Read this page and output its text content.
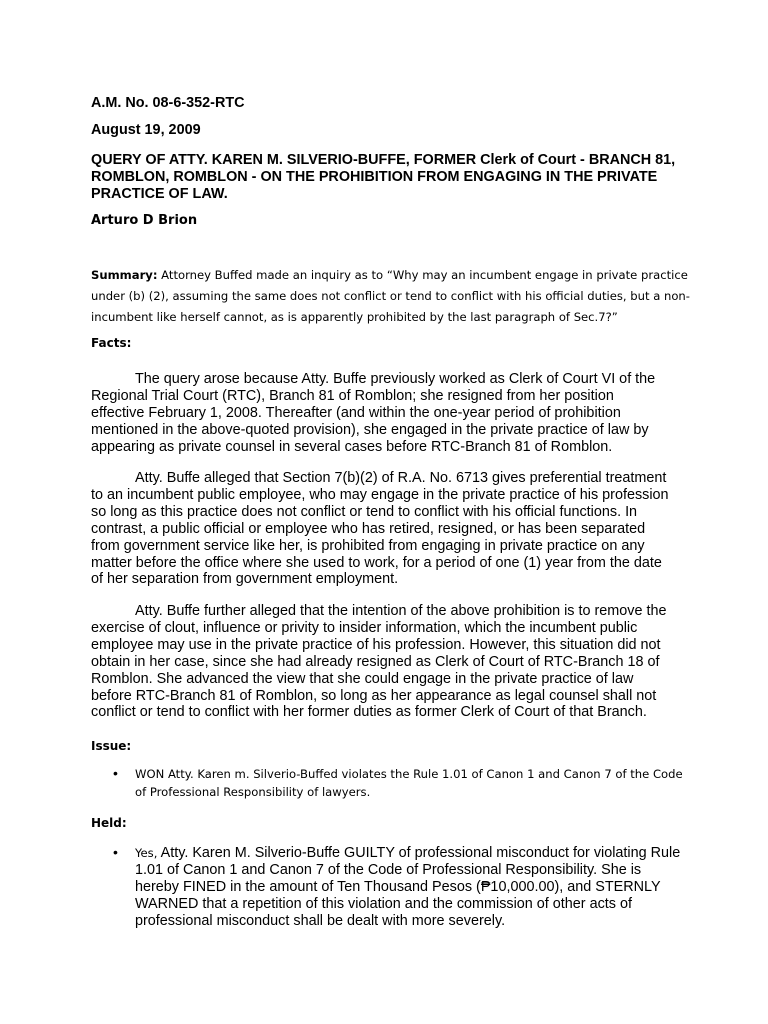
A.M. No. 08-6-352-RTC

August 19, 2009

QUERY OF ATTY. KAREN M. SILVERIO-BUFFE, FORMER Clerk of Court - BRANCH 81, ROMBLON, ROMBLON - ON THE PROHIBITION FROM ENGAGING IN THE PRIVATE PRACTICE OF LAW.

Arturo D Brion

Summary: Attorney Buffed made an inquiry as to “Why may an incumbent engage in private practice under (b) (2), assuming the same does not conflict or tend to conflict with his official duties, but a non-incumbent like herself cannot, as is apparently prohibited by the last paragraph of Sec.7?”

Facts:

The query arose because Atty. Buffe previously worked as Clerk of Court VI of the Regional Trial Court (RTC), Branch 81 of Romblon; she resigned from her position effective February 1, 2008. Thereafter (and within the one-year period of prohibition mentioned in the above-quoted provision), she engaged in the private practice of law by appearing as private counsel in several cases before RTC-Branch 81 of Romblon.

Atty. Buffe alleged that Section 7(b)(2) of R.A. No. 6713 gives preferential treatment to an incumbent public employee, who may engage in the private practice of his profession so long as this practice does not conflict or tend to conflict with his official functions. In contrast, a public official or employee who has retired, resigned, or has been separated from government service like her, is prohibited from engaging in private practice on any matter before the office where she used to work, for a period of one (1) year from the date of her separation from government employment.

Atty. Buffe further alleged that the intention of the above prohibition is to remove the exercise of clout, influence or privity to insider information, which the incumbent public employee may use in the private practice of his profession. However, this situation did not obtain in her case, since she had already resigned as Clerk of Court of RTC-Branch 18 of Romblon. She advanced the view that she could engage in the private practice of law before RTC-Branch 81 of Romblon, so long as her appearance as legal counsel shall not conflict or tend to conflict with her former duties as former Clerk of Court of that Branch.

Issue:

• WON Atty. Karen m. Silverio-Buffed violates the Rule 1.01 of Canon 1 and Canon 7 of the Code of Professional Responsibility of lawyers.

Held:

• Yes, Atty. Karen M. Silverio-Buffe GUILTY of professional misconduct for violating Rule 1.01 of Canon 1 and Canon 7 of the Code of Professional Responsibility. She is hereby FINED in the amount of Ten Thousand Pesos (₱10,000.00), and STERNLY WARNED that a repetition of this violation and the commission of other acts of professional misconduct shall be dealt with more severely.
